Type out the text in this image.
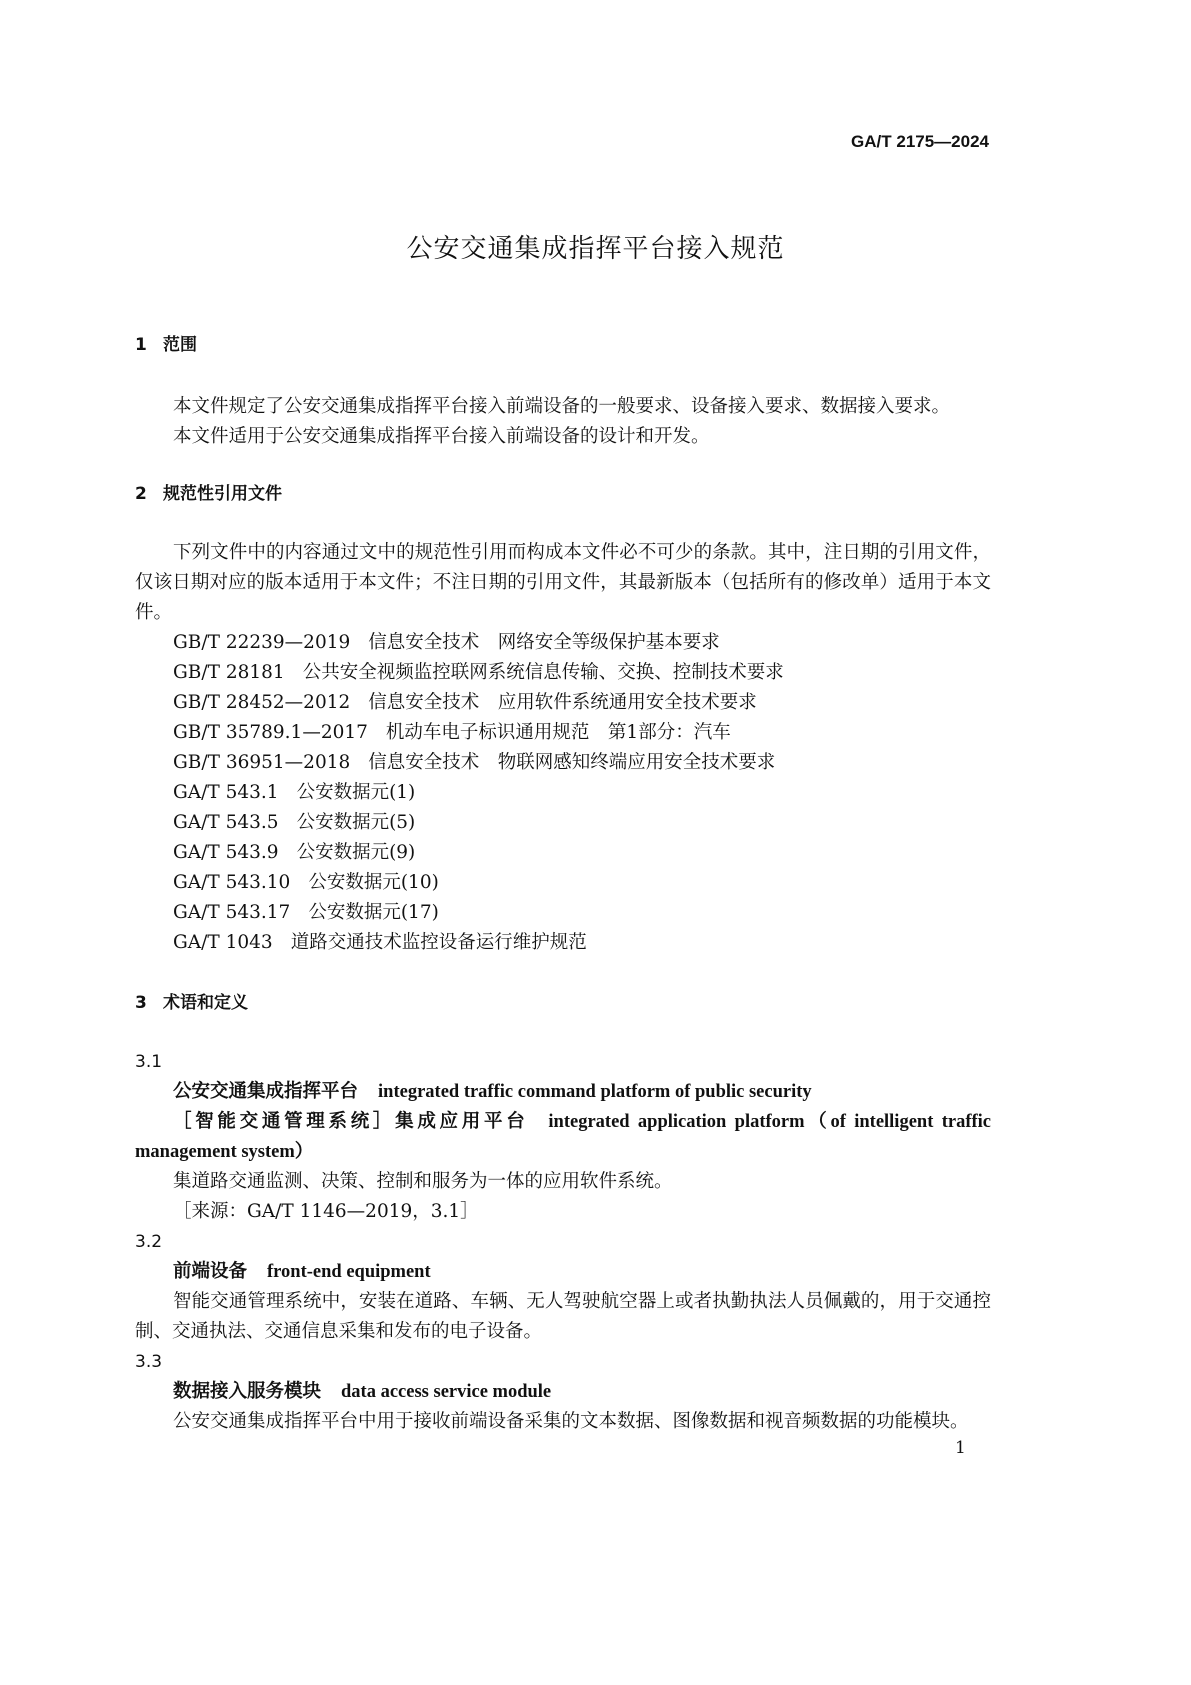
GA/T 2175—2024
公安交通集成指挥平台接入规范
1 范围
本文件规定了公安交通集成指挥平台接入前端设备的一般要求、设备接入要求、数据接入要求。
本文件适用于公安交通集成指挥平台接入前端设备的设计和开发。
2 规范性引用文件
下列文件中的内容通过文中的规范性引用而构成本文件必不可少的条款。其中，注日期的引用文件，仅该日期对应的版本适用于本文件；不注日期的引用文件，其最新版本（包括所有的修改单）适用于本文件。
GB/T 22239—2019 信息安全技术　网络安全等级保护基本要求
GB/T 28181 公共安全视频监控联网系统信息传输、交换、控制技术要求
GB/T 28452—2012 信息安全技术　应用软件系统通用安全技术要求
GB/T 35789.1—2017 机动车电子标识通用规范　第1部分：汽车
GB/T 36951—2018 信息安全技术　物联网感知终端应用安全技术要求
GA/T 543.1 公安数据元(1)
GA/T 543.5 公安数据元(5)
GA/T 543.9 公安数据元(9)
GA/T 543.10 公安数据元(10)
GA/T 543.17 公安数据元(17)
GA/T 1043 道路交通技术监控设备运行维护规范
3 术语和定义
3.1
公安交通集成指挥平台 integrated traffic command platform of public security
［智能交通管理系统］集成应用平台 integrated application platform（of intelligent traffic management system）
集道路交通监测、决策、控制和服务为一体的应用软件系统。
［来源：GA/T 1146—2019，3.1］
3.2
前端设备 front-end equipment
智能交通管理系统中，安装在道路、车辆、无人驾驶航空器上或者执勤执法人员佩戴的，用于交通控制、交通执法、交通信息采集和发布的电子设备。
3.3
数据接入服务模块 data access service module
公安交通集成指挥平台中用于接收前端设备采集的文本数据、图像数据和视音频数据的功能模块。
1
